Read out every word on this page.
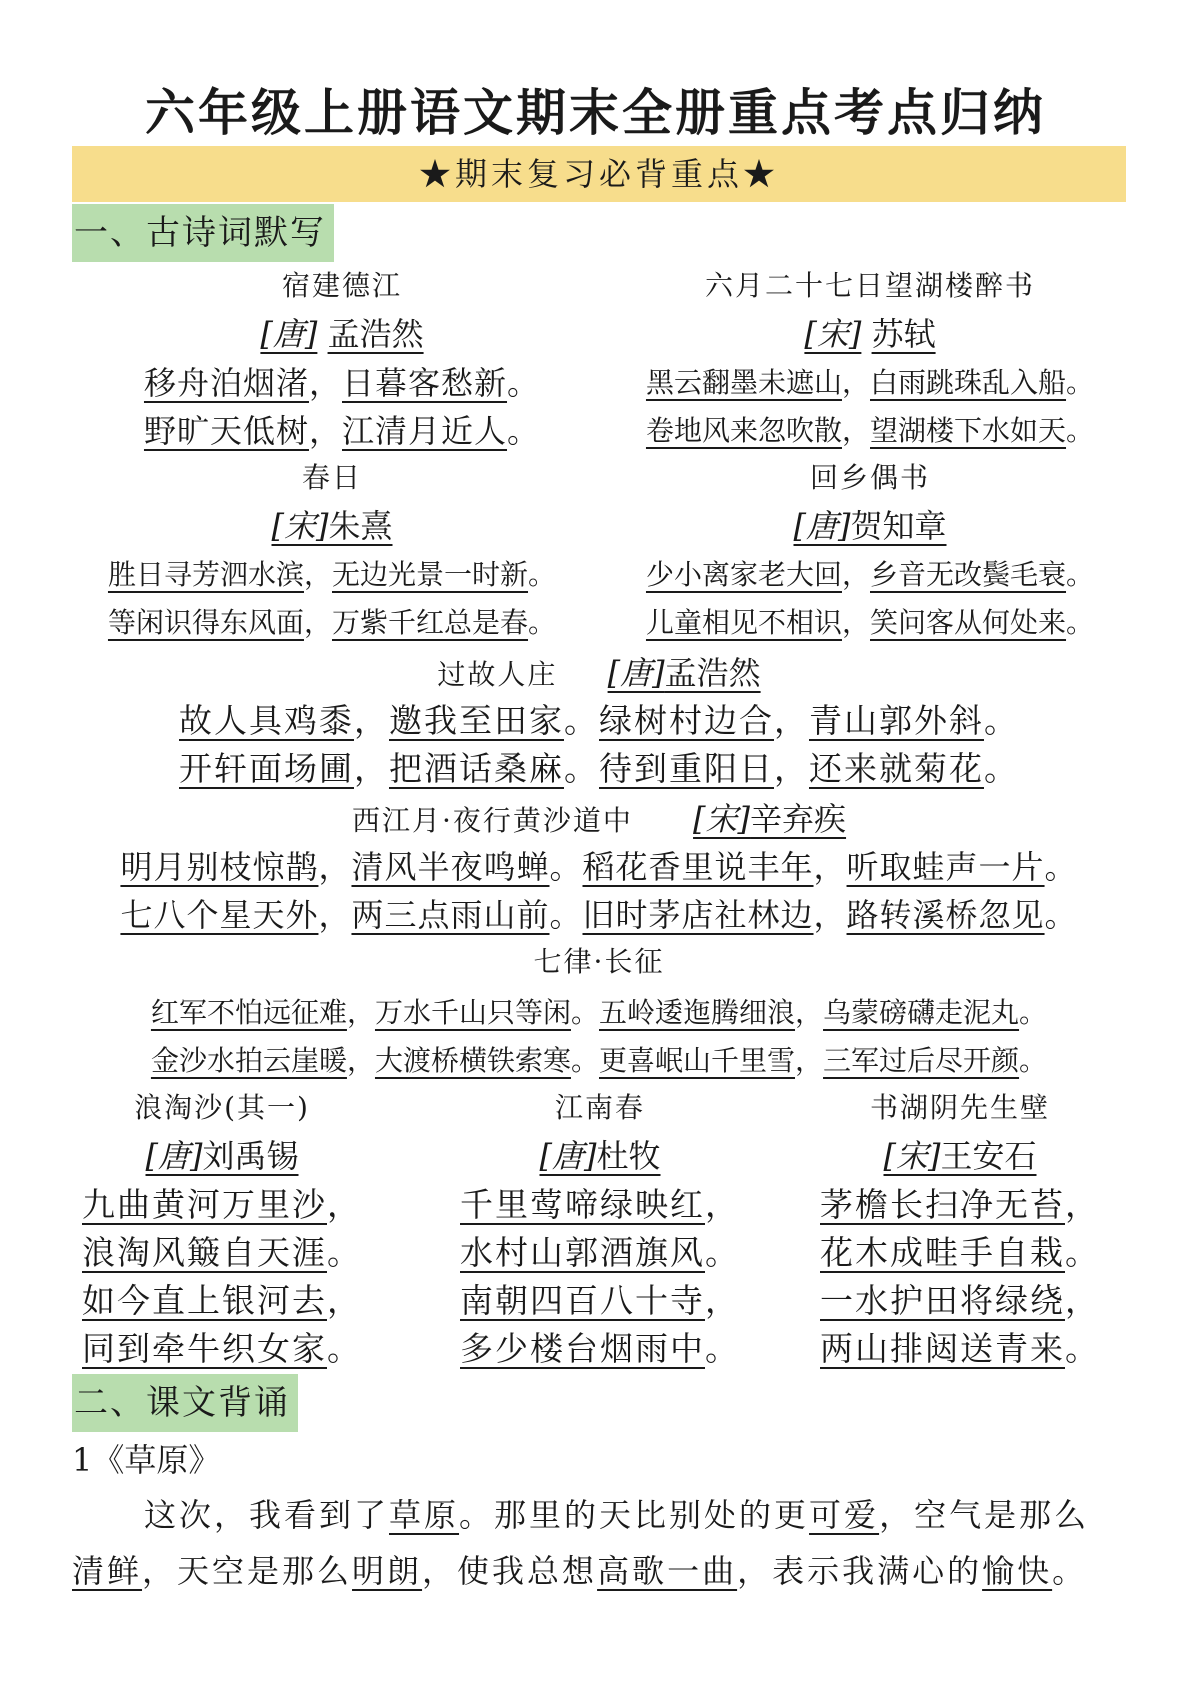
六年级上册语文期末全册重点考点归纳
★期末复习必背重点★
一、古诗词默写
宿建德江
[唐] 孟浩然
移舟泊烟渚，日暮客愁新。
野旷天低树，江清月近人。
六月二十七日望湖楼醉书
[宋] 苏轼
黑云翻墨未遮山，白雨跳珠乱入船。
卷地风来忽吹散，望湖楼下水如天。
春日
[宋]朱熹
胜日寻芳泗水滨，无边光景一时新。
等闲识得东风面，万紫千红总是春。
回乡偶书
[唐]贺知章
少小离家老大回，乡音无改鬓毛衰。
儿童相见不相识，笑问客从何处来。
过故人庄 [唐]孟浩然
故人具鸡黍，邀我至田家。绿树村边合，青山郭外斜。
开轩面场圃，把酒话桑麻。待到重阳日，还来就菊花。
西江月·夜行黄沙道中 [宋]辛弃疾
明月别枝惊鹊，清风半夜鸣蝉。稻花香里说丰年，听取蛙声一片。
七八个星天外，两三点雨山前。旧时茅店社林边，路转溪桥忽见。
七律·长征
红军不怕远征难，万水千山只等闲。五岭逶迤腾细浪，乌蒙磅礴走泥丸。
金沙水拍云崖暖，大渡桥横铁索寒。更喜岷山千里雪，三军过后尽开颜。
浪淘沙(其一)	江南春	书湖阴先生壁
[唐]刘禹锡	[唐]杜牧	[宋]王安石
九曲黄河万里沙，
浪淘风簸自天涯。
如今直上银河去，
同到牵牛织女家。
千里莺啼绿映红，
水村山郭酒旗风。
南朝四百八十寺，
多少楼台烟雨中。
茅檐长扫净无苔，
花木成畦手自栽。
一水护田将绿绕，
两山排闼送青来。
二、课文背诵
1《草原》
这次，我看到了草原。那里的天比别处的更可爱，空气是那么
清鲜，天空是那么明朗，使我总想高歌一曲，表示我满心的愉快。
